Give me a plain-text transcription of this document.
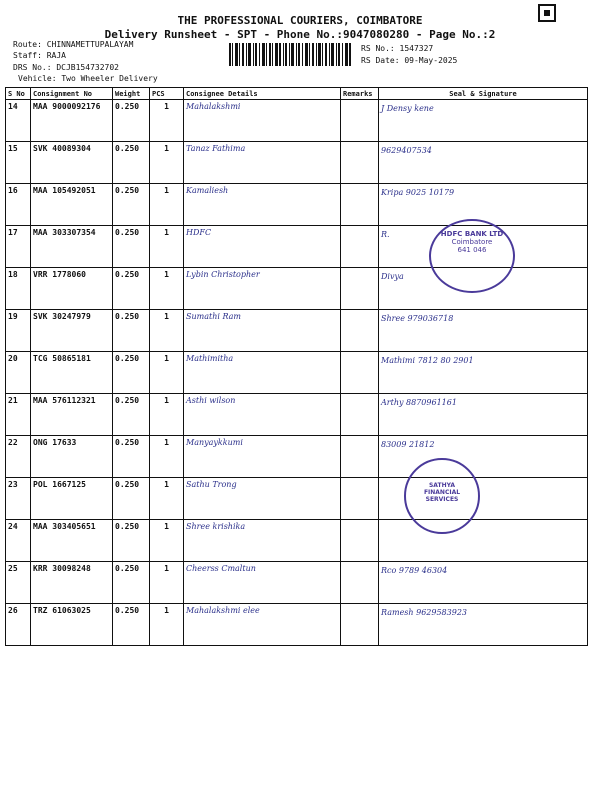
THE PROFESSIONAL COURIERS, COIMBATORE
Delivery Runsheet - SPT - Phone No.:9047080280 - Page No.:2
Route: CHINNAMETTUPALAYAM
Staff: RAJA
DRS No.: DCJB154732702
Vehicle: Two Wheeler Delivery
RS No.: 1547327
RS Date: 09-May-2025
S No	Consignment No	Weight	PCS	Consignee Details	Remarks	Seal & Signature
14	MAA 9000092176	0.250	1	Mahalakshmi		J Densy kene
15	SVK 40089304	0.250	1	Tanaz Fathima		9629407534
16	MAA 105492051	0.250	1	Kamaliesh		Kripa 9025 10179
17	MAA 303307354	0.250	1	HDFC		R.
18	VRR 1778060	0.250	1	Lybin Christopher		Divya
19	SVK 30247979	0.250	1	Sumathi Ram		Shree 979036718
20	TCG 50865181	0.250	1	Mathimitha		Mathimi 7812 80 2901
21	MAA 576112321	0.250	1	Asthi wilson		Arthy 8870961161
22	ONG 17633	0.250	1	Manyaykkumi		83009 21812
23	POL 1667125	0.250	1	Sathu Trong		
24	MAA 303405651	0.250	1	Shree krishika		
25	KRR 30098248	0.250	1	Cheerss Cmaltun		Rco 9789 46304
26	TRZ 61063025	0.250	1	Mahalakshmi elee		Ramesh 9629583923
HDFC BANK LTD
Coimbatore
641 046
SATHYA FINANCIAL SERVICES
